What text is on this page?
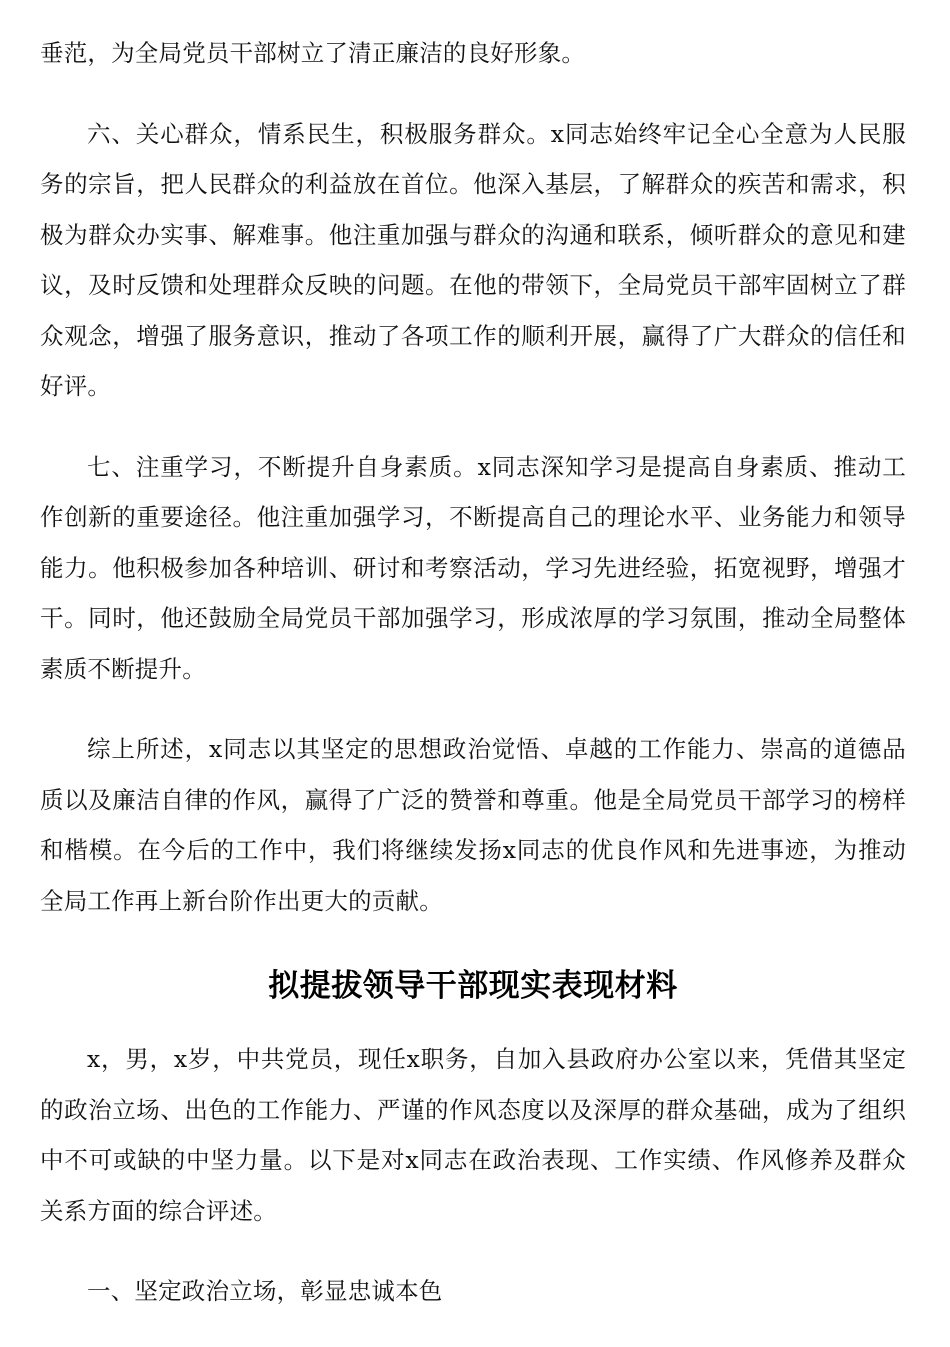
垂范，为全局党员干部树立了清正廉洁的良好形象。

六、关心群众，情系民生，积极服务群众。x同志始终牢记全心全意为人民服务的宗旨，把人民群众的利益放在首位。他深入基层，了解群众的疾苦和需求，积极为群众办实事、解难事。他注重加强与群众的沟通和联系，倾听群众的意见和建议，及时反馈和处理群众反映的问题。在他的带领下，全局党员干部牢固树立了群众观念，增强了服务意识，推动了各项工作的顺利开展，赢得了广大群众的信任和好评。

七、注重学习，不断提升自身素质。x同志深知学习是提高自身素质、推动工作创新的重要途径。他注重加强学习，不断提高自己的理论水平、业务能力和领导能力。他积极参加各种培训、研讨和考察活动，学习先进经验，拓宽视野，增强才干。同时，他还鼓励全局党员干部加强学习，形成浓厚的学习氛围，推动全局整体素质不断提升。

综上所述，x同志以其坚定的思想政治觉悟、卓越的工作能力、崇高的道德品质以及廉洁自律的作风，赢得了广泛的赞誉和尊重。他是全局党员干部学习的榜样和楷模。在今后的工作中，我们将继续发扬x同志的优良作风和先进事迹，为推动全局工作再上新台阶作出更大的贡献。

拟提拔领导干部现实表现材料

x，男，x岁，中共党员，现任x职务，自加入县政府办公室以来，凭借其坚定的政治立场、出色的工作能力、严谨的作风态度以及深厚的群众基础，成为了组织中不可或缺的中坚力量。以下是对x同志在政治表现、工作实绩、作风修养及群众关系方面的综合评述。

一、坚定政治立场，彰显忠诚本色
